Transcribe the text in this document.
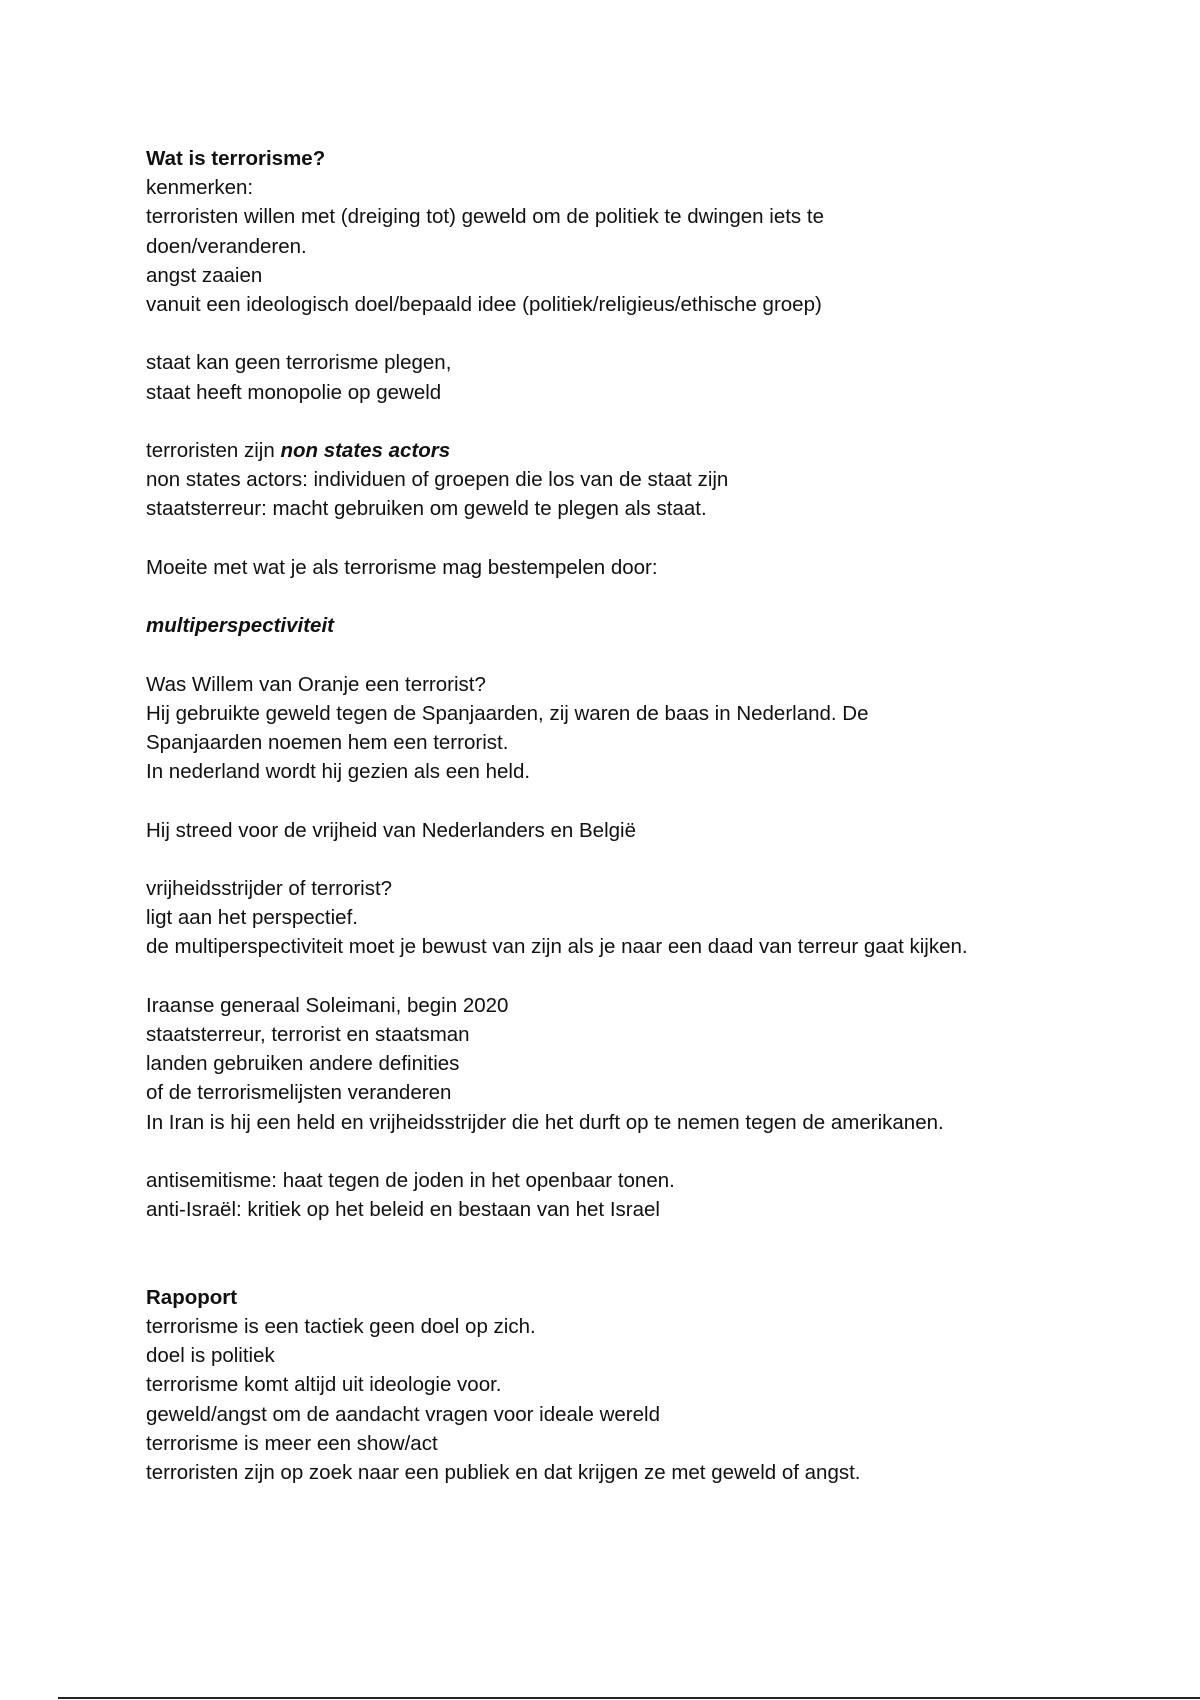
Wat is terrorisme?
kenmerken:
terroristen willen met (dreiging tot) geweld om de politiek te dwingen iets te
doen/veranderen.
angst zaaien
vanuit een ideologisch doel/bepaald idee (politiek/religieus/ethische groep)
staat kan geen terrorisme plegen,
staat heeft monopolie op geweld
terroristen zijn non states actors
non states actors: individuen of groepen die los van de staat zijn
staatsterreur: macht gebruiken om geweld te plegen als staat.
Moeite met wat je als terrorisme mag bestempelen door:
multiperspectiviteit
Was Willem van Oranje een terrorist?
Hij gebruikte geweld tegen de Spanjaarden, zij waren de baas in Nederland. De
Spanjaarden noemen hem een terrorist.
In nederland wordt hij gezien als een held.
Hij streed voor de vrijheid van Nederlanders en België
vrijheidsstrijder of terrorist?
ligt aan het perspectief.
de multiperspectiviteit moet je bewust van zijn als je naar een daad van terreur gaat kijken.
Iraanse generaal Soleimani, begin 2020
staatsterreur, terrorist en staatsman
landen gebruiken andere definities
of de terrorismelijsten veranderen
In Iran is hij een held en vrijheidsstrijder die het durft op te nemen tegen de amerikanen.
antisemitisme: haat tegen de joden in het openbaar tonen.
anti-Israël: kritiek op het beleid en bestaan van het Israel
Rapoport
terrorisme is een tactiek geen doel op zich.
doel is politiek
terrorisme komt altijd uit ideologie voor.
geweld/angst om de aandacht vragen voor ideale wereld
terrorisme is meer een show/act
terroristen zijn op zoek naar een publiek en dat krijgen ze met geweld of angst.
